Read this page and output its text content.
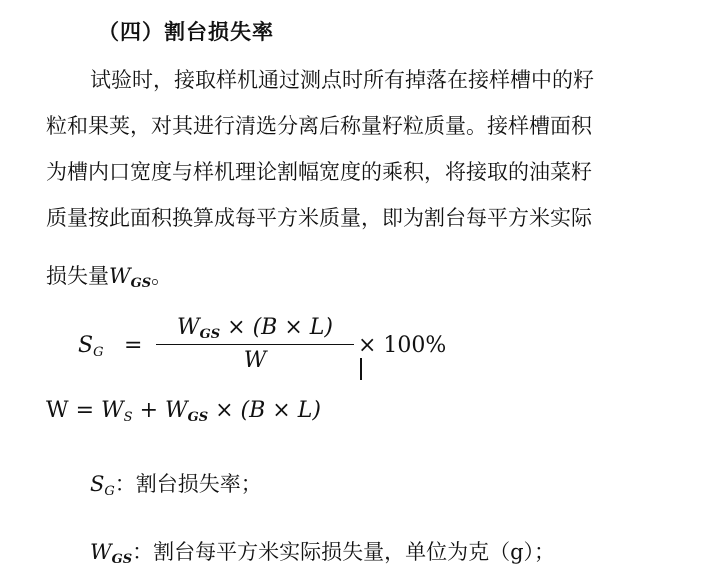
（四）割台损失率
试验时，接取样机通过测点时所有掉落在接样槽中的籽
粒和果荚，对其进行清选分离后称量籽粒质量。接样槽面积
为槽内口宽度与样机理论割幅宽度的乘积，将接取的油菜籽
质量按此面积换算成每平方米质量，即为割台每平方米实际
损失量$W_{GS}$。
SG =
$W_{GS} \times (B \times L)$
W
× 100%
W = WS + $W_{GS} \times (B \times L)$
SG：割台损失率；
$W_{GS}$：割台每平方米实际损失量，单位为克（g）；
